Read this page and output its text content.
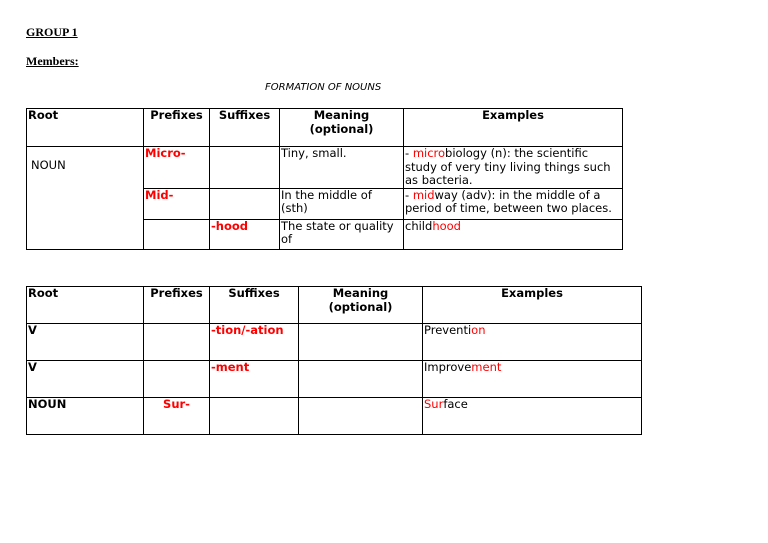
GROUP 1
Members:
FORMATION OF NOUNS
Root	Prefixes	Suffixes	Meaning (optional)	Examples
NOUN	Micro-		Tiny, small.	- microbiology (n): the scientific study of very tiny living things such as bacteria.
	Mid-		In the middle of (sth)	- midway (adv): in the middle of a period of time, between two places.
		-hood	The state or quality of	childhood
Root	Prefixes	Suffixes	Meaning (optional)	Examples
V		-tion/-ation		Prevention
V		-ment		Improvement
NOUN	Sur-			Surface
